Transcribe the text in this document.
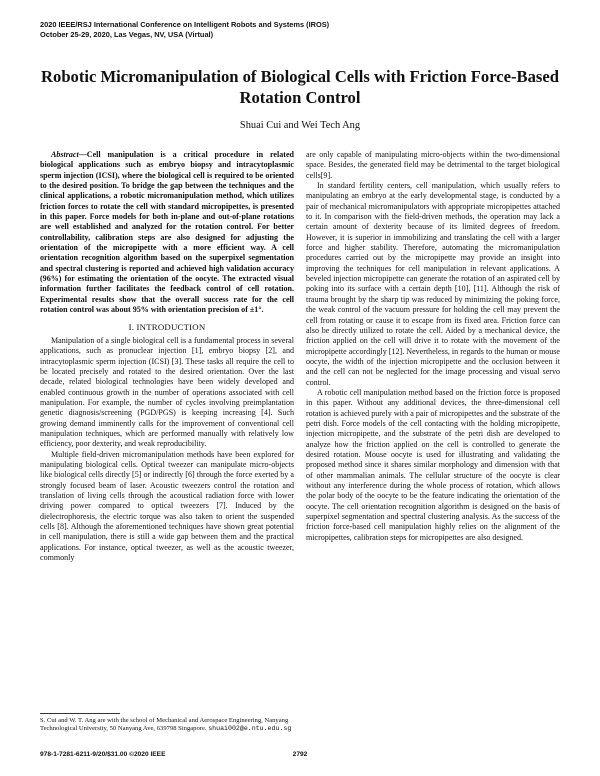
2020 IEEE/RSJ International Conference on Intelligent Robots and Systems (IROS)
October 25-29, 2020, Las Vegas, NV, USA (Virtual)
Robotic Micromanipulation of Biological Cells with Friction Force-Based Rotation Control
Shuai Cui and Wei Tech Ang

Abstract—Cell manipulation is a critical procedure in related biological applications such as embryo biopsy and intracytoplasmic sperm injection (ICSI), where the biological cell is required to be oriented to the desired position. To bridge the gap between the techniques and the clinical applications, a robotic micromanipulation method, which utilizes friction forces to rotate the cell with standard micropipettes, is presented in this paper. Force models for both in-plane and out-of-plane rotations are well established and analyzed for the rotation control. For better controllability, calibration steps are also designed for adjusting the orientation of the micropipette with a more efficient way. A cell orientation recognition algorithm based on the superpixel segmentation and spectral clustering is reported and achieved high validation accuracy (96%) for estimating the orientation of the oocyte. The extracted visual information further facilitates the feedback control of cell rotation. Experimental results show that the overall success rate for the cell rotation control was about 95% with orientation precision of ±1°.

I. INTRODUCTION

Manipulation of a single biological cell is a fundamental process in several applications, such as pronuclear injection [1], embryo biopsy [2], and intracytoplasmic sperm injection (ICSI) [3]. These tasks all require the cell to be located precisely and rotated to the desired orientation. Over the last decade, related biological technologies have been widely developed and enabled continuous growth in the number of operations associated with cell manipulation. For example, the number of cycles involving preimplantation genetic diagnosis/screening (PGD/PGS) is keeping increasing [4]. Such growing demand imminently calls for the improvement of conventional cell manipulation techniques, which are performed manually with relatively low efficiency, poor dexterity, and weak reproducibility.

Multiple field-driven micromanipulation methods have been explored for manipulating biological cells. Optical tweezer can manipulate micro-objects like biological cells directly [5] or indirectly [6] through the force exerted by a strongly focused beam of laser. Acoustic tweezers control the rotation and translation of living cells through the acoustical radiation force with lower driving power compared to optical tweezers [7]. Induced by the dielectrophoresis, the electric torque was also taken to orient the suspended cells [8]. Although the aforementioned techniques have shown great potential in cell manipulation, there is still a wide gap between them and the practical applications. For instance, optical tweezer, as well as the acoustic tweezer, commonly

are only capable of manipulating micro-objects within the two-dimensional space. Besides, the generated field may be detrimental to the target biological cells[9].

In standard fertility centers, cell manipulation, which usually refers to manipulating an embryo at the early developmental stage, is conducted by a pair of mechanical micromanipulators with appropriate micropipettes attached to it. In comparison with the field-driven methods, the operation may lack a certain amount of dexterity because of its limited degrees of freedom. However, it is superior in immobilizing and translating the cell with a larger force and higher stability. Therefore, automating the micromanipulation procedures carried out by the micropipette may provide an insight into improving the techniques for cell manipulation in relevant applications. A beveled injection micropipette can generate the rotation of an aspirated cell by poking into its surface with a certain depth [10], [11]. Although the risk of trauma brought by the sharp tip was reduced by minimizing the poking force, the weak control of the vacuum pressure for holding the cell may prevent the cell from rotating or cause it to escape from its fixed area. Friction force can also be directly utilized to rotate the cell. Aided by a mechanical device, the friction applied on the cell will drive it to rotate with the movement of the micropipette accordingly [12]. Nevertheless, in regards to the human or mouse oocyte, the width of the injection micropipette and the occlusion between it and the cell can not be neglected for the image processing and visual servo control.

A robotic cell manipulation method based on the friction force is proposed in this paper. Without any additional devices, the three-dimensional cell rotation is achieved purely with a pair of micropipettes and the substrate of the petri dish. Force models of the cell contacting with the holding micropipette, injection micropipette, and the substrate of the petri dish are developed to analyze how the friction applied on the cell is controlled to generate the desired rotation. Mouse oocyte is used for illustrating and validating the proposed method since it shares similar morphology and dimension with that of other mammalian animals. The cellular structure of the oocyte is clear without any interference during the whole process of rotation, which allows the polar body of the oocyte to be the feature indicating the orientation of the oocyte. The cell orientation recognition algorithm is designed on the basis of superpixel segmentation and spectral clustering analysis. As the success of the friction force-based cell manipulation highly relies on the alignment of the micropipettes, calibration steps for micropipettes are also designed.

S. Cui and W. T. Ang are with the school of Mechanical and Aerospace Engineering, Nanyang Technological University, 50 Nanyang Ave, 639798 Singapore. shuai002@e.ntu.edu.sg
978-1-7281-6211-9/20/$31.00 ©2020 IEEE	2792
